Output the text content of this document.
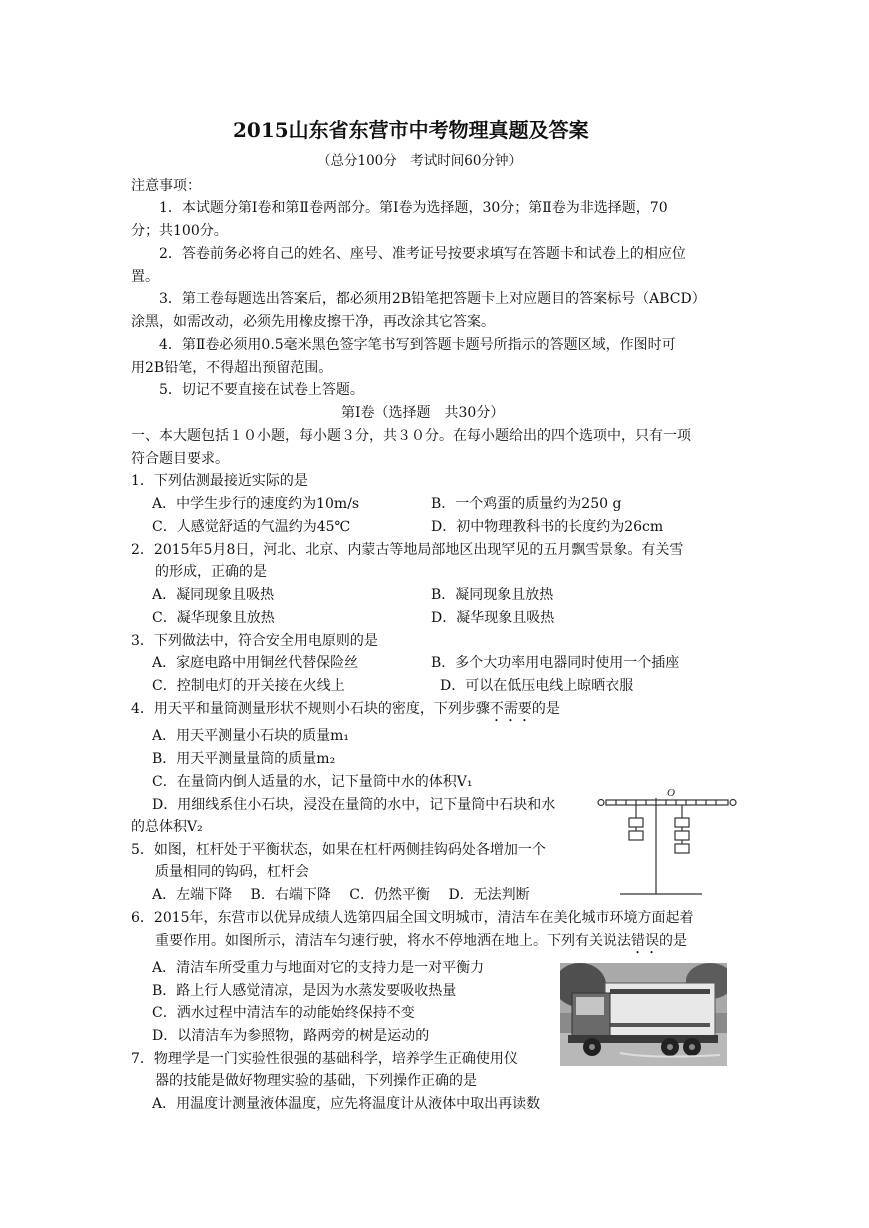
2015山东省东营市中考物理真题及答案
（总分100分　考试时间60分钟）
注意事项：
1．本试题分第Ⅰ卷和第Ⅱ卷两部分。第Ⅰ卷为选择题，30分；第Ⅱ卷为非选择题，70
分；共100分。
2．答卷前务必将自己的姓名、座号、准考证号按要求填写在答题卡和试卷上的相应位
置。
3．第工卷每题选出答案后，都必须用2B铅笔把答题卡上对应题目的答案标号（ABCD）
涂黑，如需改动，必须先用橡皮擦干净，再改涂其它答案。
4．第Ⅱ卷必须用0.5毫米黑色签字笔书写到答题卡题号所指示的答题区域，作图时可
用2B铅笔，不得超出预留范围。
5．切记不要直接在试卷上答题。
第Ⅰ卷（选择题　共30分）
一、本大题包括１０小题，每小题３分，共３０分。在每小题给出的四个选项中，只有一项
符合题目要求。
1．下列估测最接近实际的是
A．中学生步行的速度约为10m/s	B．一个鸡蛋的质量约为250 g
C．人感觉舒适的气温约为45℃	D．初中物理教科书的长度约为26cm
2．2015年5月8日，河北、北京、内蒙古等地局部地区出现罕见的五月飘雪景象。有关雪
的形成，正确的是
A．凝同现象且吸热	B．凝同现象且放热
C．凝华现象且放热	D．凝华现象且吸热
3．下列做法中，符合安全用电原则的是
A．家庭电路中用铜丝代替保险丝	B．多个大功率用电器同时使用一个插座
C．控制电灯的开关接在火线上	D．可以在低压电线上晾晒衣服
4．用天平和量筒测量形状不规则小石块的密度，下列步骤不需要的是
A．用天平测量小石块的质量m₁
B．用天平测量量筒的质量m₂
C．在量筒内倒人适量的水，记下量筒中水的体积V₁
D．用细线系住小石块，浸没在量筒的水中，记下量筒中石块和水
的总体积V₂
5．如图，杠杆处于平衡状态，如果在杠杆两侧挂钩码处各增加一个
质量相同的钩码，杠杆会
A．左端下降　 B．右端下降　 C．仍然平衡　 D．无法判断
O
6．2015年，东营市以优异成绩人选第四届全国文明城市，清洁车在美化城市环境方面起着
重要作用。如图所示，清洁车匀速行驶，将水不停地洒在地上。下列有关说法错误的是
A．清洁车所受重力与地面对它的支持力是一对平衡力
B．路上行人感觉清凉，是因为水蒸发要吸收热量
C．洒水过程中清洁车的动能始终保持不变
D．以清洁车为参照物，路两旁的树是运动的
7．物理学是一门实验性很强的基础科学，培养学生正确使用仪
器的技能是做好物理实验的基础，下列操作正确的是
A．用温度计测量液体温度，应先将温度计从液体中取出再读数
